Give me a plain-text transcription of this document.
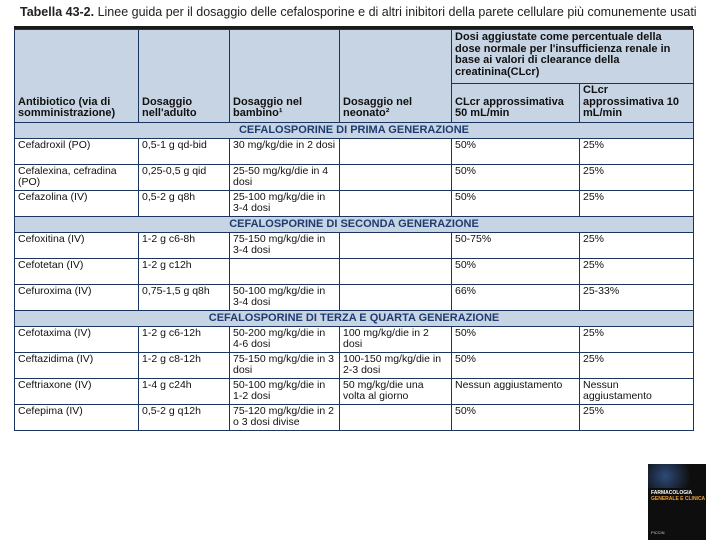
Tabella 43-2. Linee guida per il dosaggio delle cefalosporine e di altri inibitori della parete cellulare più comunemente usati
Antibiotico (via di somministrazione)	Dosaggio nell'adulto	Dosaggio nel bambino¹	Dosaggio nel neonato²	Dosi aggiustate come percentuale della dose normale per l'insufficienza renale in base ai valori di clearance della creatinina(CLcr)	
				CLcr approssimativa 50 mL/min	CLcr approssimativa 10 mL/min
CEFALOSPORINE DI PRIMA GENERAZIONE					
Cefadroxil (PO)	0,5-1 g qd-bid	30 mg/kg/die in 2 dosi		50%	25%
Cefalexina, cefradina (PO)	0,25-0,5 g qid	25-50 mg/kg/die in 4 dosi		50%	25%
Cefazolina (IV)	0,5-2 g q8h	25-100 mg/kg/die in 3-4 dosi		50%	25%
CEFALOSPORINE DI SECONDA GENERAZIONE					
Cefoxitina (IV)	1-2 g c6-8h	75-150 mg/kg/die in 3-4 dosi		50-75%	25%
Cefotetan (IV)	1-2 g c12h			50%	25%
Cefuroxima (IV)	0,75-1,5 g q8h	50-100 mg/kg/die in 3-4 dosi		66%	25-33%
CEFALOSPORINE DI TERZA E QUARTA GENERAZIONE					
Cefotaxima (IV)	1-2 g c6-12h	50-200 mg/kg/die in 4-6 dosi	100 mg/kg/die in 2 dosi	50%	25%
Ceftazidima (IV)	1-2 g c8-12h	75-150 mg/kg/die in 3 dosi	100-150 mg/kg/die in 2-3 dosi	50%	25%
Ceftriaxone (IV)	1-4 g c24h	50-100 mg/kg/die in 1-2 dosi	50 mg/kg/die una volta al giorno	Nessun aggiustamento	Nessun aggiustamento
Cefepima (IV)	0,5-2 g q12h	75-120 mg/kg/die in 2 o 3 dosi divise		50%	25%
FARMACOLOGIA
GENERALE E CLINICA
PICCIN
